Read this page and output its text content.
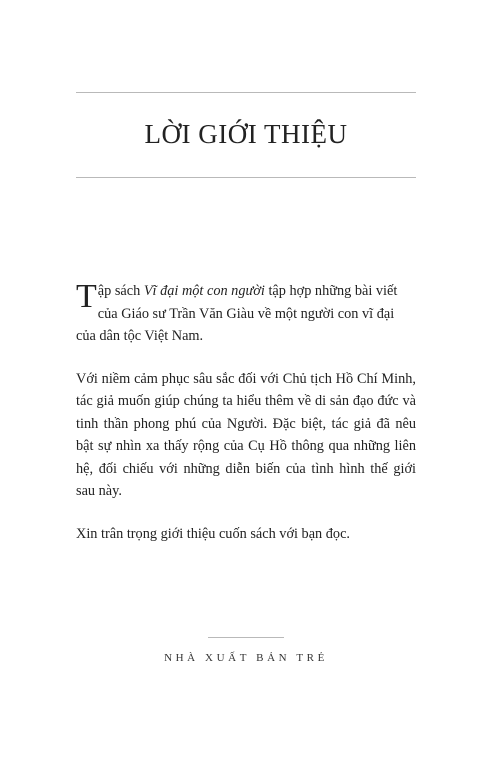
LỜI GIỚI THIỆU

Tập sách Vĩ đại một con người tập hợp những bài viết của Giáo sư Trần Văn Giàu về một người con vĩ đại của dân tộc Việt Nam.

Với niềm cảm phục sâu sắc đối với Chủ tịch Hồ Chí Minh, tác giả muốn giúp chúng ta hiểu thêm về di sản đạo đức và tinh thần phong phú của Người. Đặc biệt, tác giả đã nêu bật sự nhìn xa thấy rộng của Cụ Hồ thông qua những liên hệ, đối chiếu với những diễn biến của tình hình thế giới sau này.

Xin trân trọng giới thiệu cuốn sách với bạn đọc.

NHÀ XUẤT BẢN TRẺ
